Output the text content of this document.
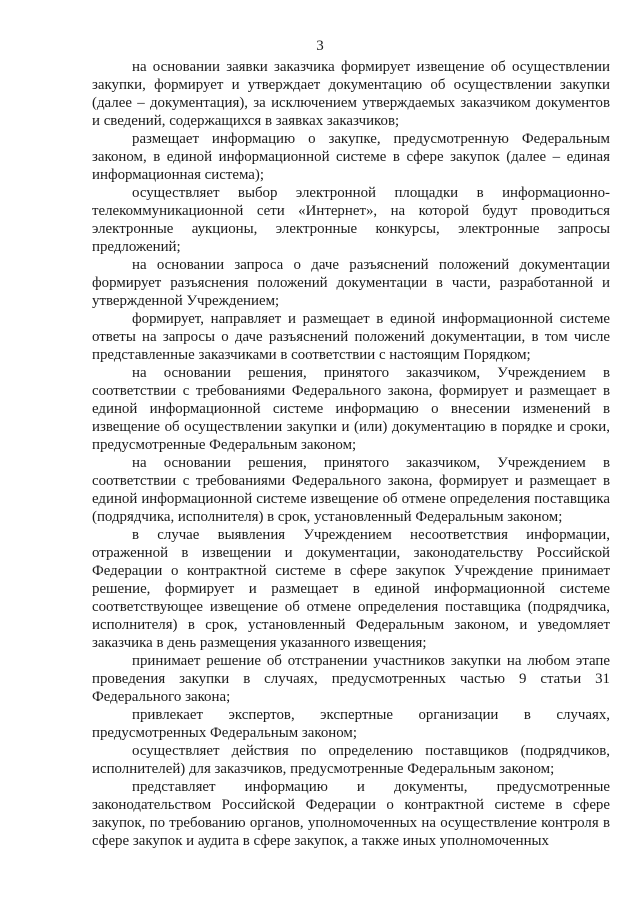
3

на основании заявки заказчика формирует извещение об осуществлении закупки, формирует и утверждает документацию об осуществлении закупки (далее – документация), за исключением утверждаемых заказчиком документов и сведений, содержащихся в заявках заказчиков;

размещает информацию о закупке, предусмотренную Федеральным законом, в единой информационной системе в сфере закупок (далее – единая информационная система);

осуществляет выбор электронной площадки в информационно-телекоммуникационной сети «Интернет», на которой будут проводиться электронные аукционы, электронные конкурсы, электронные запросы предложений;

на основании запроса о даче разъяснений положений документации формирует разъяснения положений документации в части, разработанной и утвержденной Учреждением;

формирует, направляет и размещает в единой информационной системе ответы на запросы о даче разъяснений положений документации, в том числе представленные заказчиками в соответствии с настоящим Порядком;

на основании решения, принятого заказчиком, Учреждением в соответствии с требованиями Федерального закона, формирует и размещает в единой информационной системе информацию о внесении изменений в извещение об осуществлении закупки и (или) документацию в порядке и сроки, предусмотренные Федеральным законом;

на основании решения, принятого заказчиком, Учреждением в соответствии с требованиями Федерального закона, формирует и размещает в единой информационной системе извещение об отмене определения поставщика (подрядчика, исполнителя) в срок, установленный Федеральным законом;

в случае выявления Учреждением несоответствия информации, отраженной в извещении и документации, законодательству Российской Федерации о контрактной системе в сфере закупок Учреждение принимает решение, формирует и размещает в единой информационной системе соответствующее извещение об отмене определения поставщика (подрядчика, исполнителя) в срок, установленный Федеральным законом, и уведомляет заказчика в день размещения указанного извещения;

принимает решение об отстранении участников закупки на любом этапе проведения закупки в случаях, предусмотренных частью 9 статьи 31 Федерального закона;

привлекает экспертов, экспертные организации в случаях, предусмотренных Федеральным законом;

осуществляет действия по определению поставщиков (подрядчиков, исполнителей) для заказчиков, предусмотренные Федеральным законом;

представляет информацию и документы, предусмотренные законодательством Российской Федерации о контрактной системе в сфере закупок, по требованию органов, уполномоченных на осуществление контроля в сфере закупок и аудита в сфере закупок, а также иных уполномоченных
